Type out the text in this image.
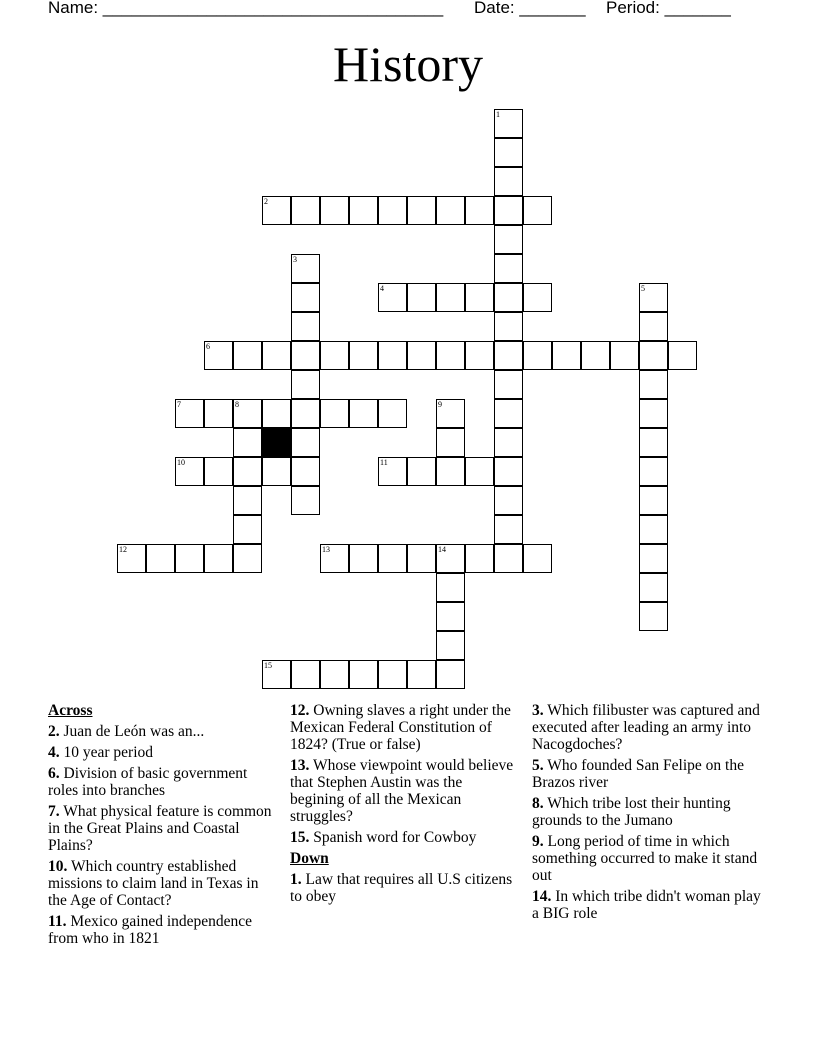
Name: ____________________________________ Date: _______ Period: _______
History
1
2
3
4	5
6
7	8	9
10	11
12	13	14
15
Across
2. Juan de León was an...
4. 10 year period
6. Division of basic government roles into branches
7. What physical feature is common in the Great Plains and Coastal Plains?
10. Which country established missions to claim land in Texas in the Age of Contact?
11. Mexico gained independence from who in 1821
12. Owning slaves a right under the Mexican Federal Constitution of 1824? (True or false)
13. Whose viewpoint would believe that Stephen Austin was the begining of all the Mexican struggles?
15. Spanish word for Cowboy
Down
1. Law that requires all U.S citizens to obey
3. Which filibuster was captured and executed after leading an army into Nacogdoches?
5. Who founded San Felipe on the Brazos river
8. Which tribe lost their hunting grounds to the Jumano
9. Long period of time in which something occurred to make it stand out
14. In which tribe didn't woman play a BIG role
